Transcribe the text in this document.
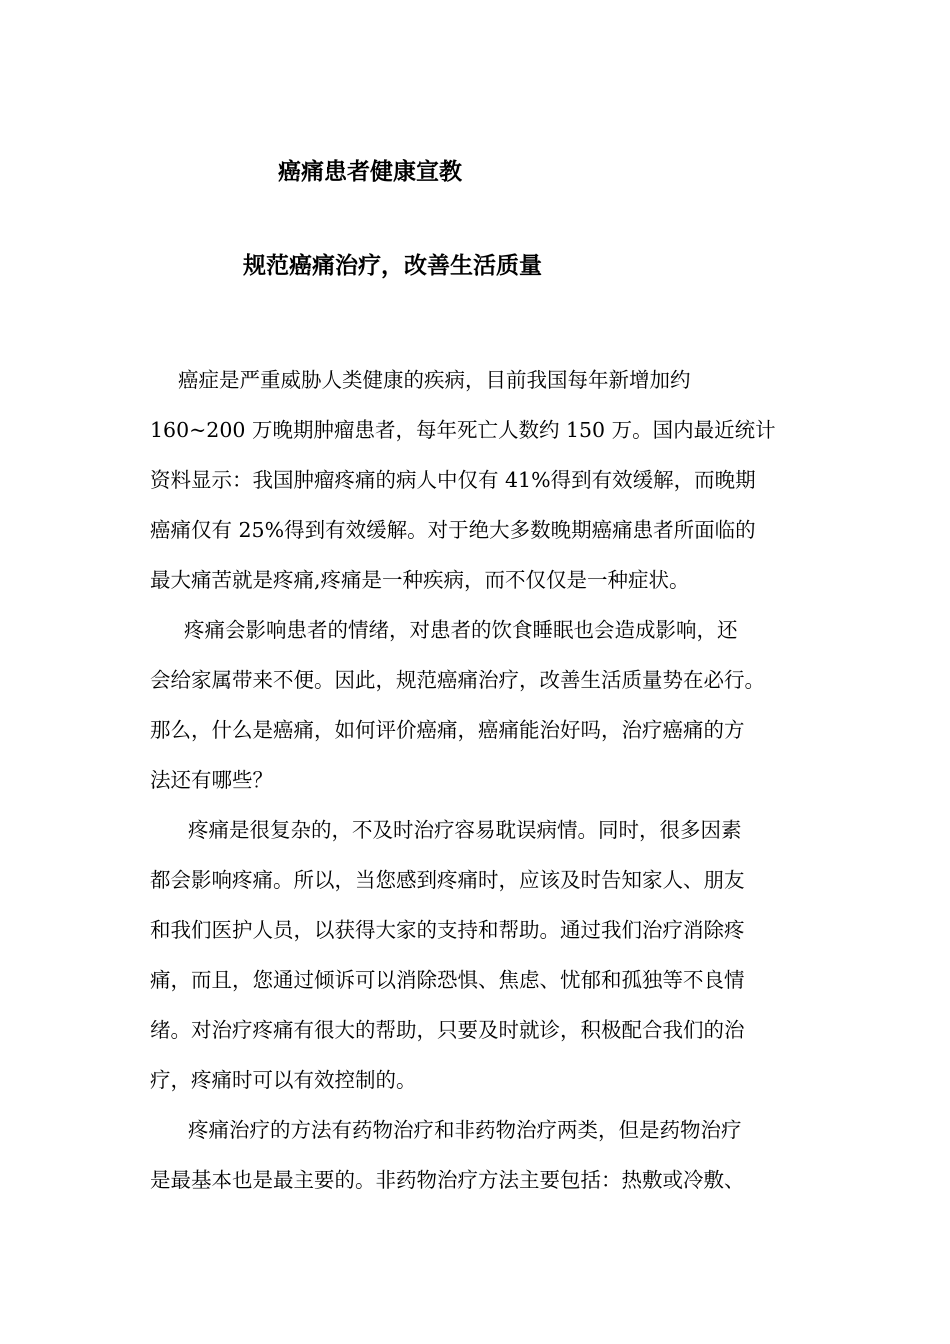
癌痛患者健康宣教
规范癌痛治疗，改善生活质量
癌症是严重威胁人类健康的疾病，目前我国每年新增加约
160~200 万晚期肿瘤患者，每年死亡人数约 150 万。国内最近统计
资料显示：我国肿瘤疼痛的病人中仅有 41%得到有效缓解，而晚期
癌痛仅有 25%得到有效缓解。对于绝大多数晚期癌痛患者所面临的
最大痛苦就是疼痛,疼痛是一种疾病，而不仅仅是一种症状。
疼痛会影响患者的情绪，对患者的饮食睡眠也会造成影响，还
会给家属带来不便。因此，规范癌痛治疗，改善生活质量势在必行。
那么，什么是癌痛，如何评价癌痛，癌痛能治好吗，治疗癌痛的方
法还有哪些？
疼痛是很复杂的，不及时治疗容易耽误病情。同时，很多因素
都会影响疼痛。所以，当您感到疼痛时，应该及时告知家人、朋友
和我们医护人员，以获得大家的支持和帮助。通过我们治疗消除疼
痛，而且，您通过倾诉可以消除恐惧、焦虑、忧郁和孤独等不良情
绪。对治疗疼痛有很大的帮助，只要及时就诊，积极配合我们的治
疗，疼痛时可以有效控制的。
疼痛治疗的方法有药物治疗和非药物治疗两类，但是药物治疗
是最基本也是最主要的。非药物治疗方法主要包括：热敷或冷敷、
